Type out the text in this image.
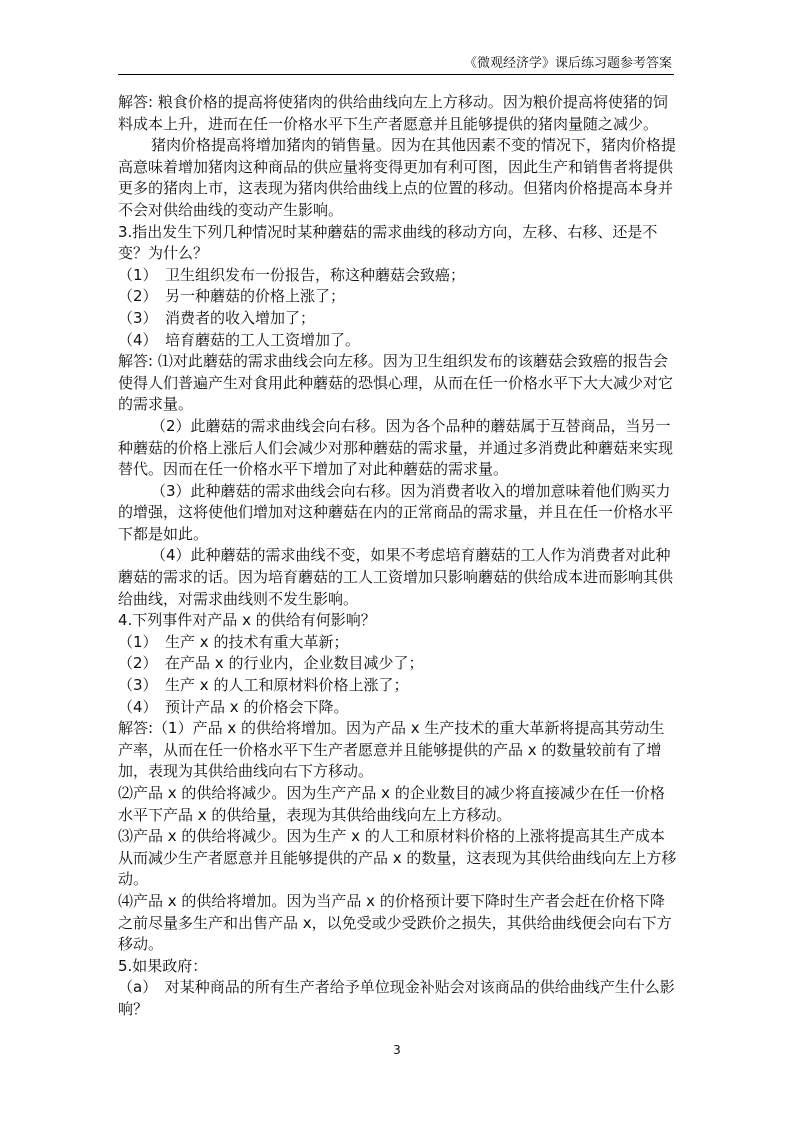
《微观经济学》课后练习题参考答案

解答: 粮食价格的提高将使猪肉的供给曲线向左上方移动。因为粮价提高将使猪的饲料成本上升，进而在任一价格水平下生产者愿意并且能够提供的猪肉量随之减少。

猪肉价格提高将增加猪肉的销售量。因为在其他因素不变的情况下，猪肉价格提高意味着增加猪肉这种商品的供应量将变得更加有利可图，因此生产和销售者将提供更多的猪肉上市，这表现为猪肉供给曲线上点的位置的移动。但猪肉价格提高本身并不会对供给曲线的变动产生影响。

3.指出发生下列几种情况时某种蘑菇的需求曲线的移动方向，左移、右移、还是不变？为什么？

（1）　卫生组织发布一份报告，称这种蘑菇会致癌；

（2）　另一种蘑菇的价格上涨了；

（3）　消费者的收入增加了；

（4）　培育蘑菇的工人工资增加了。

解答: ⑴对此蘑菇的需求曲线会向左移。因为卫生组织发布的该蘑菇会致癌的报告会使得人们普遍产生对食用此种蘑菇的恐惧心理，从而在任一价格水平下大大减少对它的需求量。

（2）此蘑菇的需求曲线会向右移。因为各个品种的蘑菇属于互替商品，当另一种蘑菇的价格上涨后人们会减少对那种蘑菇的需求量，并通过多消费此种蘑菇来实现替代。因而在任一价格水平下增加了对此种蘑菇的需求量。

（3）此种蘑菇的需求曲线会向右移。因为消费者收入的增加意味着他们购买力的增强，这将使他们增加对这种蘑菇在内的正常商品的需求量，并且在任一价格水平下都是如此。

（4）此种蘑菇的需求曲线不变，如果不考虑培育蘑菇的工人作为消费者对此种蘑菇的需求的话。因为培育蘑菇的工人工资增加只影响蘑菇的供给成本进而影响其供给曲线，对需求曲线则不发生影响。

4.下列事件对产品 x 的供给有何影响？

（1）　生产 x 的技术有重大革新；

（2）　在产品 x 的行业内，企业数目减少了；

（3）　生产 x 的人工和原材料价格上涨了；

（4）　预计产品 x 的价格会下降。

解答:（1）产品 x 的供给将增加。因为产品 x 生产技术的重大革新将提高其劳动生产率，从而在任一价格水平下生产者愿意并且能够提供的产品 x 的数量较前有了增加，表现为其供给曲线向右下方移动。

⑵产品 x 的供给将减少。因为生产产品 x 的企业数目的减少将直接减少在任一价格水平下产品 x 的供给量，表现为其供给曲线向左上方移动。

⑶产品 x 的供给将减少。因为生产 x 的人工和原材料价格的上涨将提高其生产成本从而减少生产者愿意并且能够提供的产品 x 的数量，这表现为其供给曲线向左上方移动。

⑷产品 x 的供给将增加。因为当产品 x 的价格预计要下降时生产者会赶在价格下降之前尽量多生产和出售产品 x，以免受或少受跌价之损失，其供给曲线便会向右下方移动。

5.如果政府：

（a）　对某种商品的所有生产者给予单位现金补贴会对该商品的供给曲线产生什么影响？

3
